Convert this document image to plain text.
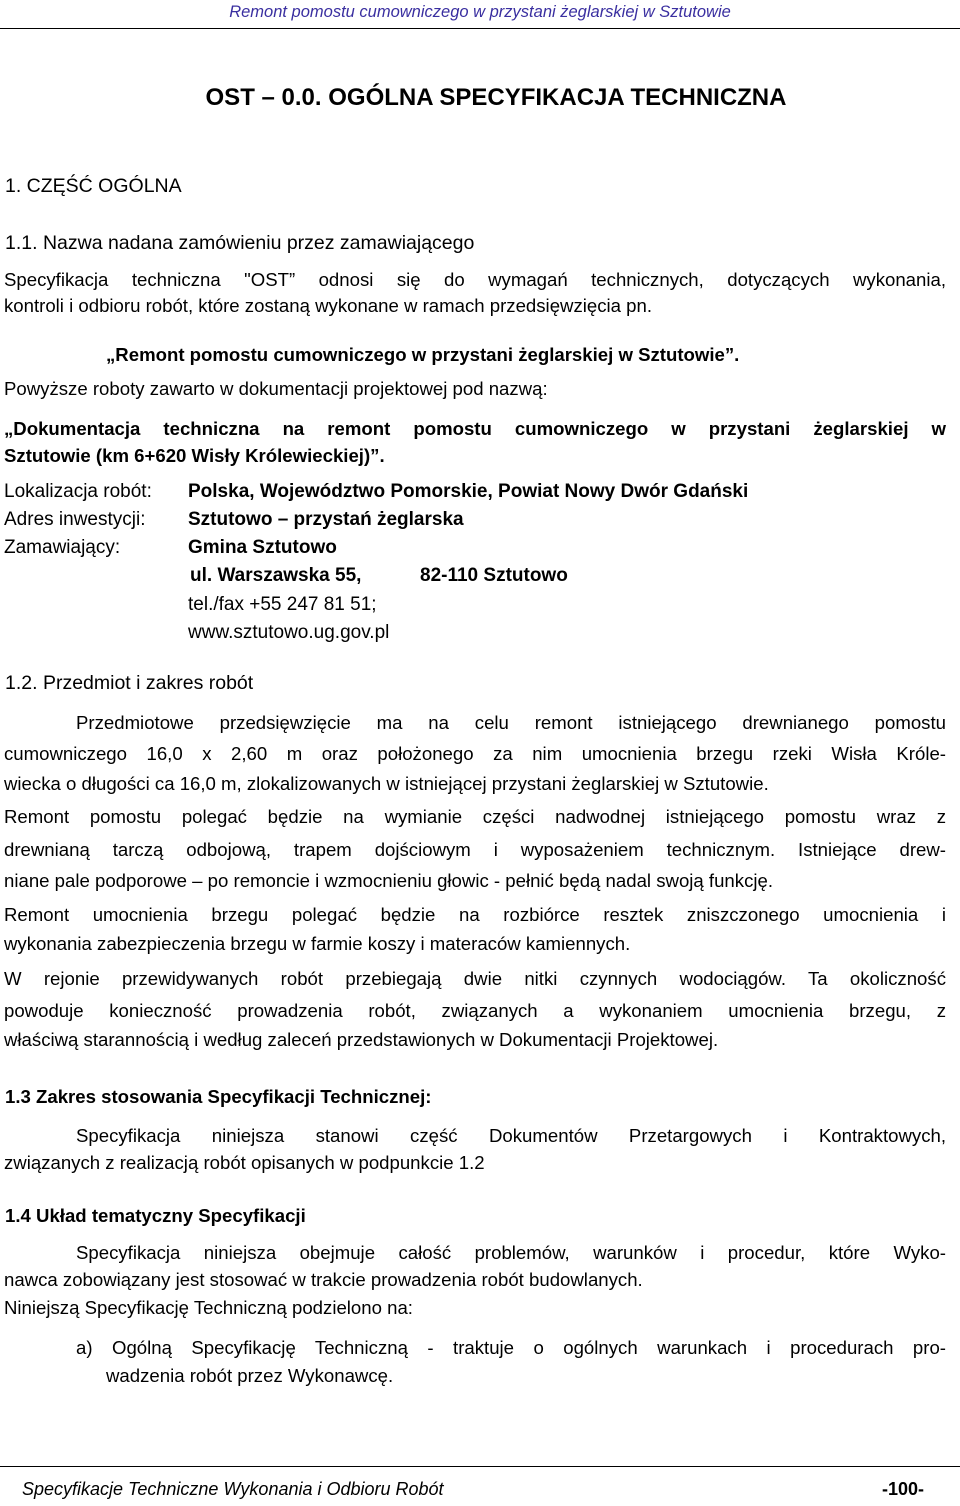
Remont pomostu cumowniczego w przystani żeglarskiej w Sztutowie
OST – 0.0. OGÓLNA SPECYFIKACJA TECHNICZNA
1. CZĘŚĆ OGÓLNA
1.1. Nazwa nadana zamówieniu przez zamawiającego
Specyfikacja techniczna "OST” odnosi się do wymagań technicznych, dotyczących wykonania,
kontroli i odbioru robót, które zostaną wykonane w ramach przedsięwzięcia pn.
„Remont pomostu cumowniczego w przystani żeglarskiej w Sztutowie”.
Powyższe roboty zawarto w dokumentacji projektowej pod nazwą:
„Dokumentacja techniczna na remont pomostu cumowniczego w przystani żeglarskiej w
Sztutowie (km 6+620 Wisły Królewieckiej)”.
Lokalizacja robót: Polska, Województwo Pomorskie, Powiat Nowy Dwór Gdański
Adres inwestycji: Sztutowo – przystań żeglarska
Zamawiający:	Gmina Sztutowo
ul. Warszawska 55,	82-110 Sztutowo
tel./fax +55 247 81 51;
www.sztutowo.ug.gov.pl
1.2. Przedmiot i zakres robót
Przedmiotowe przedsięwzięcie ma na celu remont istniejącego drewnianego pomostu
cumowniczego 16,0 x 2,60 m oraz położonego za nim umocnienia brzegu rzeki Wisła Króle-
wiecka o długości ca 16,0 m, zlokalizowanych w istniejącej przystani żeglarskiej w Sztutowie.
Remont pomostu polegać będzie na wymianie części nadwodnej istniejącego pomostu wraz z
drewnianą tarczą odbojową, trapem dojściowym i wyposażeniem technicznym. Istniejące drew-
niane pale podporowe – po remoncie i wzmocnieniu głowic - pełnić będą nadal swoją funkcję.
Remont umocnienia brzegu polegać będzie na rozbiórce resztek zniszczonego umocnienia i
wykonania zabezpieczenia brzegu w farmie koszy i materaców kamiennych.
W rejonie przewidywanych robót przebiegają dwie nitki czynnych wodociągów. Ta okoliczność
powoduje konieczność prowadzenia robót, związanych a wykonaniem umocnienia brzegu, z
właściwą starannością i według zaleceń przedstawionych w Dokumentacji Projektowej.
1.3 Zakres stosowania Specyfikacji Technicznej:
Specyfikacja niniejsza stanowi część Dokumentów Przetargowych i Kontraktowych,
związanych z realizacją robót opisanych w podpunkcie 1.2
1.4 Układ tematyczny Specyfikacji
Specyfikacja niniejsza obejmuje całość problemów, warunków i procedur, które Wyko-
nawca zobowiązany jest stosować w trakcie prowadzenia robót budowlanych.
Niniejszą Specyfikację Techniczną podzielono na:
a) Ogólną Specyfikację Techniczną - traktuje o ogólnych warunkach i procedurach pro-
wadzenia robót przez Wykonawcę.
Specyfikacje Techniczne Wykonania i Odbioru Robót	-100-
